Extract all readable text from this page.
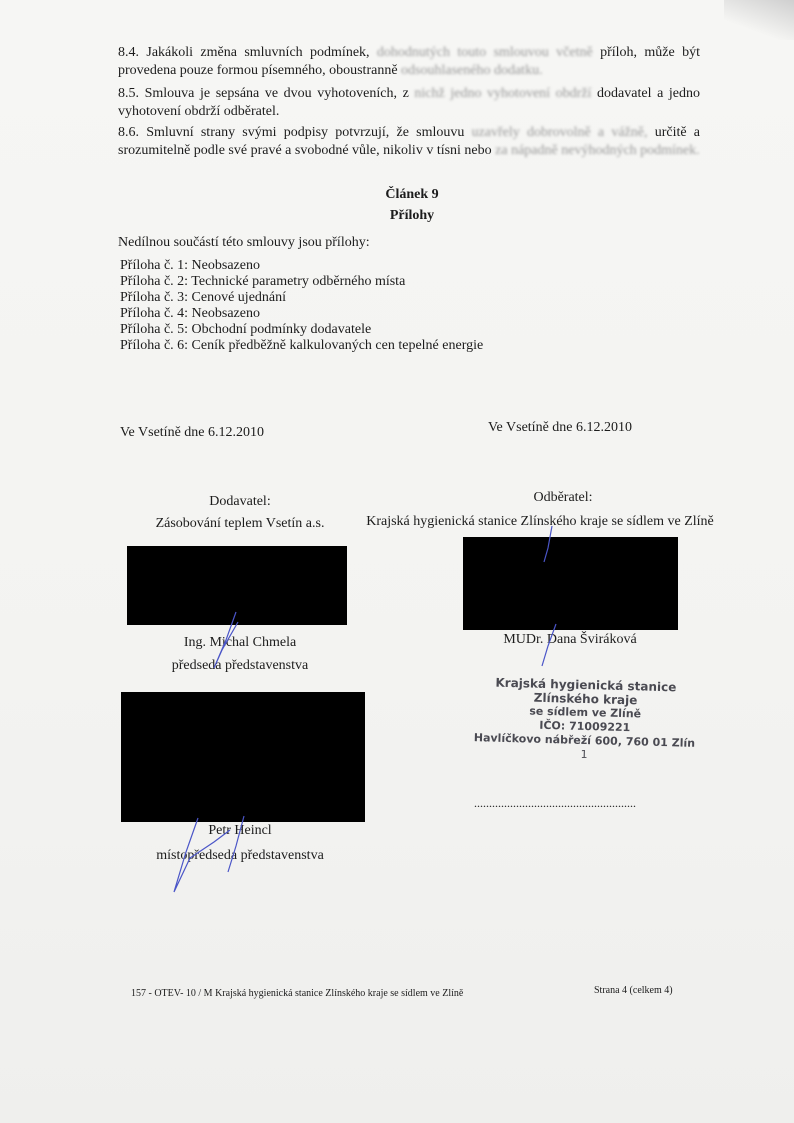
8.4. Jakákoli změna smluvních podmínek, dohodnutých touto smlouvou včetně příloh, může být provedena pouze formou písemného, oboustranně odsouhlaseného dodatku.

8.5. Smlouva je sepsána ve dvou vyhotoveních, z nichž jedno vyhotovení obdrží dodavatel a jedno vyhotovení obdrží odběratel.

8.6. Smluvní strany svými podpisy potvrzují, že smlouvu uzavřely dobrovolně a vážně, určitě a srozumitelně podle své pravé a svobodné vůle, nikoliv v tísni nebo za nápadně nevýhodných podmínek.

Článek 9
Přílohy
Nedílnou součástí této smlouvy jsou přílohy:
Příloha č. 1: Neobsazeno
Příloha č. 2: Technické parametry odběrného místa
Příloha č. 3: Cenové ujednání
Příloha č. 4: Neobsazeno
Příloha č. 5: Obchodní podmínky dodavatele
Příloha č. 6: Ceník předběžně kalkulovaných cen tepelné energie
Ve Vsetíně dne 6.12.2010	Ve Vsetíně dne 6.12.2010
Dodavatel:
Zásobování teplem Vsetín a.s.
Ing. Michal Chmela
předseda představenstva
Petr Heincl
místopředseda představenstva
Odběratel:
Krajská hygienická stanice Zlínského kraje se sídlem ve Zlíně
MUDr. Dana Šviráková
Krajská hygienická stanice Zlínského kraje
se sídlem ve Zlíně
IČO: 71009221
Havlíčkovo nábřeží 600, 760 01 Zlín
1
......................................................
157 - OTEV- 10 / M Krajská hygienická stanice Zlínského kraje se sídlem ve Zlíně	Strana 4 (celkem 4)
